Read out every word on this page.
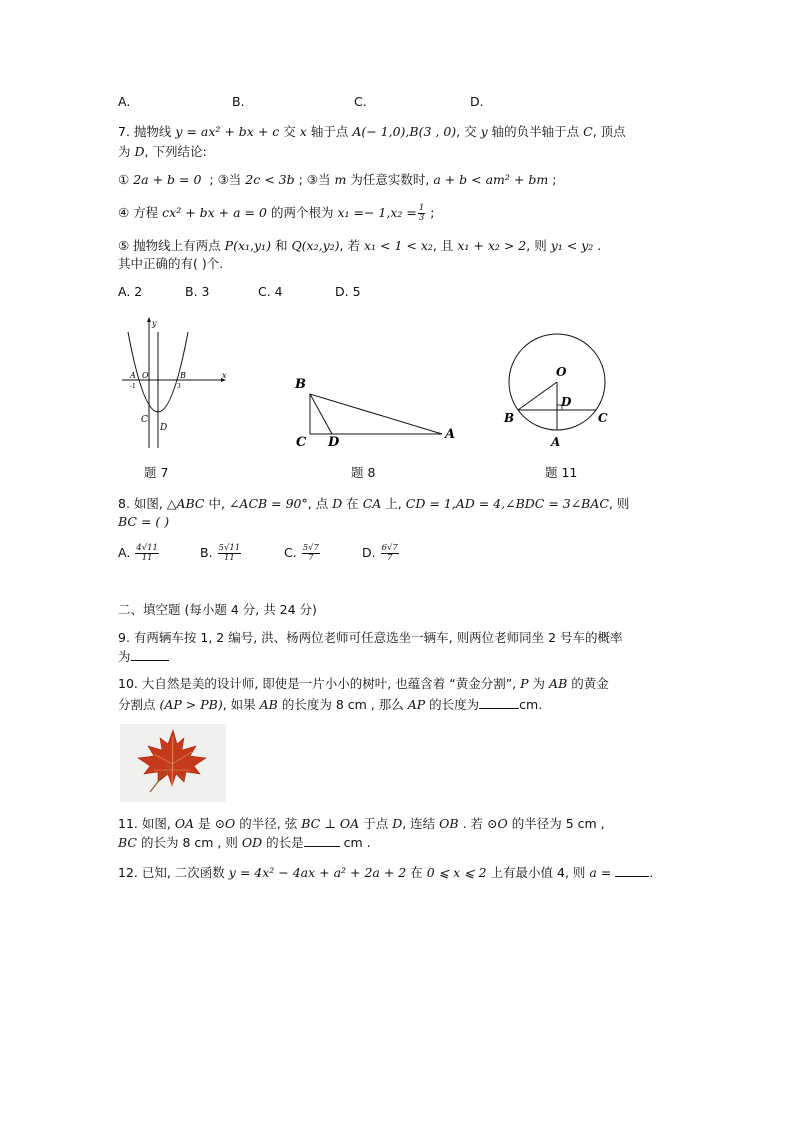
A.	B.	C.	D.
7. 抛物线 y = ax² + bx + c 交 x 轴于点 A(− 1,0),B(3 , 0), 交 y 轴的负半轴于点 C, 顶点
为 D, 下列结论:
① 2a + b = 0 ; ③当 2c < 3b ; ③当 m 为任意实数时, a + b < am² + bm ;
④ 方程 cx² + bx + a = 0 的两个根为 $x_1 =- 1,x_2 = \frac{1}{3}$ ;
⑤ 抛物线上有两点 P(x₁,y₁) 和 Q(x₂,y₂), 若 x₁ < 1 < x₂, 且 x₁ + x₂ > 2, 则 y₁ < y₂ .
其中正确的有( )个.
A. 2	B. 3	C. 4	D. 5
y
x
A O	B
-1	3
C
D
B
C D
A
O
D
B	C
A
题 7	题 8	题 11
8. 如图, △ABC 中, ∠ACB = 90°, 点 D 在 CA 上, CD = 1,AD = 4,∠BDC = 3∠BAC, 则
BC = ( )
A. $\frac{4√11}{11}$	B. $\frac{5√11}{11}$	C. $\frac{5√7}{7}$	D. $\frac{6√7}{7}$
二、填空题 (每小题 4 分, 共 24 分)
9. 有两辆车按 1, 2 编号, 洪、杨两位老师可任意选坐一辆车, 则两位老师同坐 2 号车的概率
为
10. 大自然是美的设计师, 即使是一片小小的树叶, 也蕴含着 “黄金分割”, P 为 AB 的黄金
分割点 (AP > PB), 如果 AB 的长度为 8 cm , 那么 AP 的长度为	cm.
11. 如图, OA 是 ⊙O 的半径, 弦 BC ⊥ OA 于点 D, 连结 OB . 若 ⊙O 的半径为 5 cm ,
BC 的长为 8 cm , 则 OD 的长是	cm .
12. 已知, 二次函数 y = 4x² − 4ax + a² + 2a + 2 在 0 ⩽ x ⩽ 2 上有最小值 4, 则 a =	.
